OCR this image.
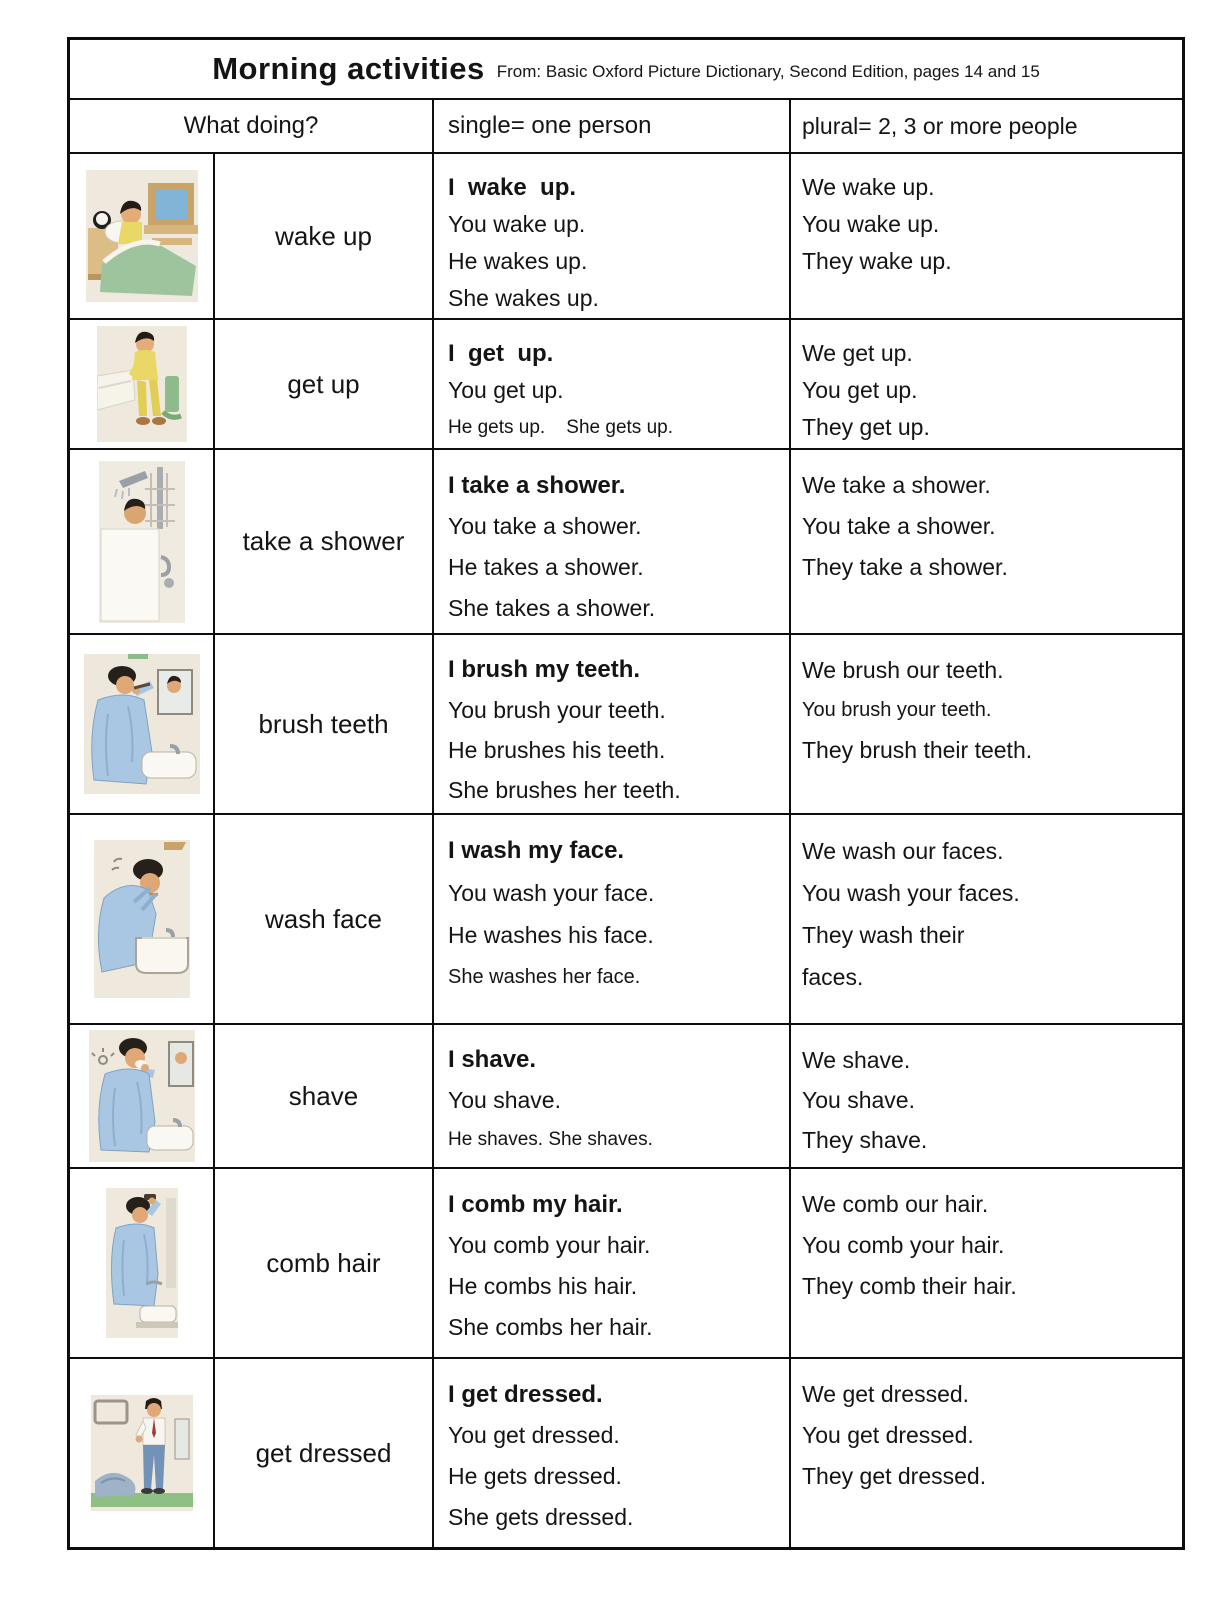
Morning activities From: Basic Oxford Picture Dictionary, Second Edition, pages 14 and 15
What doing?	single= one person	plural= 2, 3 or more people
wake up
I  wake  up.
You wake up.
He wakes up.
She wakes up.
We wake up.
You wake up.
They wake up.
get up
I  get  up.
You get up.
He gets up.    She gets up.
We get up.
You get up.
They get up.
take a shower
I take a shower.
You take a shower.
He takes a shower.
She takes a shower.
We take a shower.
You take a shower.
They take a shower.
brush teeth
I brush my teeth.
You brush your teeth.
He brushes his teeth.
She brushes her teeth.
We brush our teeth.
You brush your teeth.
They brush their teeth.
wash face
I wash my face.
You wash your face.
He washes his face.
She washes her face.
We wash our faces.
You wash your faces.
They wash their
faces.
shave
I shave.
You shave.
He shaves. She shaves.
We shave.
You shave.
They shave.
comb hair
I comb my hair.
You comb your hair.
He combs his hair.
She combs her hair.
We comb our hair.
You comb your hair.
They comb their hair.
get dressed
I get dressed.
You get dressed.
He gets dressed.
She gets dressed.
We get dressed.
You get dressed.
They get dressed.
